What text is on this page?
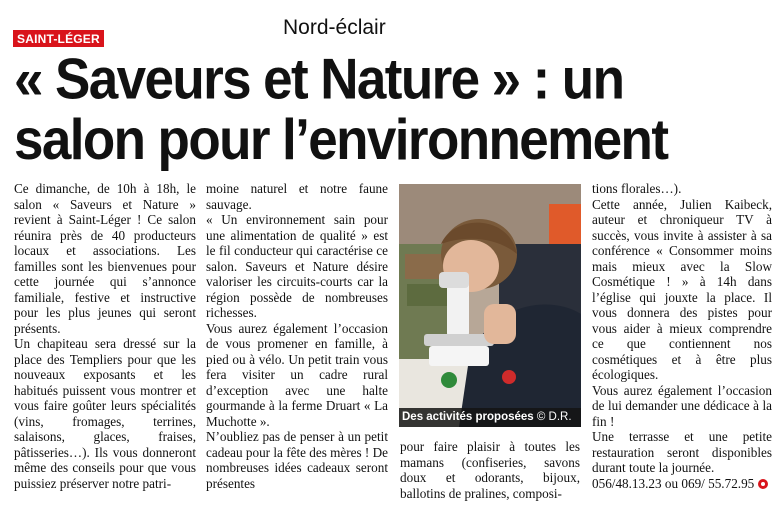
Nord-éclair
SAINT-LÉGER
« Saveurs et Nature » : un
salon pour l’environnement

Ce dimanche, de 10h à 18h, le salon « Saveurs et Nature » revient à Saint-Léger ! Ce salon réunira près de 40 producteurs locaux et associations. Les familles sont les bienvenues pour cette journée qui s’annonce familiale, festive et instructive pour les plus jeunes qui seront présents.

Un chapiteau sera dressé sur la place des Templiers pour que les nouveaux exposants et les habitués puissent vous montrer et vous faire goûter leurs spécialités (vins, fromages, terrines, salaisons, glaces, fraises, pâtisseries…). Ils vous donneront même des conseils pour que vous puissiez préserver notre patri-

moine naturel et notre faune sauvage.

« Un environnement sain pour une alimentation de qualité » est le fil conducteur qui caractérise ce salon. Saveurs et Nature désire valoriser les circuits-courts car la région possède de nombreuses richesses.

Vous aurez également l’occasion de vous promener en famille, à pied ou à vélo. Un petit train vous fera visiter un cadre rural d’exception avec une halte gourmande à la ferme Druart « La Muchotte ».

N’oubliez pas de penser à un petit cadeau pour la fête des mères ! De nombreuses idées cadeaux seront présentes

Des activités proposées © D.R.

pour faire plaisir à toutes les mamans (confiseries, savons doux et odorants, bijoux, ballotins de pralines, composi-

tions florales…).

Cette année, Julien Kaibeck, auteur et chroniqueur TV à succès, vous invite à assister à sa conférence « Consommer moins mais mieux avec la Slow Cosmétique ! » à 14h dans l’église qui jouxte la place. Il vous donnera des pistes pour vous aider à mieux comprendre ce que contiennent nos cosmétiques et à être plus écologiques.

Vous aurez également l’occasion de lui demander une dédicace à la fin !

Une terrasse et une petite restauration seront disponibles durant toute la journée.

056/48.13.23 ou 069/ 55.72.95
